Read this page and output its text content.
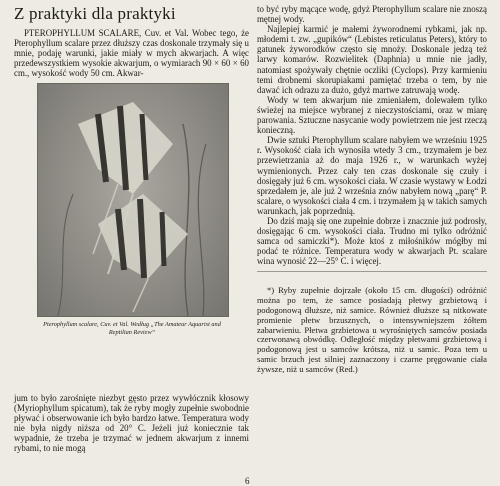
Z praktyki dla praktyki

PTEROPHYLLUM SCALARE, Cuv. et Val. Wobec tego, że Pterophyllum scalare przez dłuższy czas doskonale trzymały się u mnie, podaję warunki, jakie miały w mych akwarjach. A więc przedewszystkiem wysokie akwarjum, o wymiarach 90 × 60 × 60 cm., wysokość wody 50 cm. Akwar-

Pterophyllum scalare, Cuv. et Val. Według „The Amateur Aquarist and Reptilian Review“

jum to było zarośnięte niezbyt gęsto przez wywłócznik kłosowy (Myriophyllum spicatum), tak że ryby mogły zupełnie swobodnie pływać i obserwowanie ich było bardzo łatwe. Temperatura wody nie była nigdy niższa od 20° C. Jeżeli już koniecznie tak wypadnie, że trzeba je trzymać w jednem akwarjum z innemi rybami, to nie mogą

to być ryby mącące wodę, gdyż Pterophyllum scalare nie znoszą mętnej wody.

Najlepiej karmić je małemi żyworodnemi rybkami, jak np. młodemi t. zw. „gupików“ (Lebistes reticulatus Peters), który to gatunek żyworodków często się mnoży. Doskonale jedzą też larwy komarów. Rozwielitek (Daphnia) u mnie nie jadły, natomiast spożywały chętnie oczliki (Cyclops). Przy karmieniu temi drobnemi skorupiakami pamiętać trzeba o tem, by nie dawać ich odrazu za dużo, gdyż martwe zatruwają wodę.

Wody w tem akwarjum nie zmieniałem, dolewałem tylko świeżej na miejsce wybranej z nieczystościami, oraz w miarę parowania. Sztuczne nasycanie wody powietrzem nie jest rzeczą konieczną.

Dwie sztuki Pterophyllum scalare nabyłem we wrześniu 1925 r. Wysokość ciała ich wynosiła wtedy 3 cm., trzymałem je bez przewietrzania aż do maja 1926 r., w warunkach wyżej wymienionych. Przez cały ten czas doskonale się czuły i dosięgały już 6 cm. wysokości ciała. W czasie wystawy w Łodzi sprzedałem je, ale już 2 września znów nabyłem nową „parę“ P. scalare, o wysokości ciała 4 cm. i trzymałem ją w takich samych warunkach, jak poprzednią.

Do dziś mają się one zupełnie dobrze i znacznie już podrosły, dosięgając 6 cm. wysokości ciała. Trudno mi tylko odróżnić samca od samiczki*). Może ktoś z miłośników mógłby mi podać te różnice. Temperatura wody w akwarjach Pt. scalare wina wynosić 22—25° C. i więcej.

*) Ryby zupełnie dojrzałe (około 15 cm. długości) odróżnić można po tem, że samce posiadają płetwy grzbietową i podogonową dłuższe, niż samice. Również dłuższe są nitkowate promienie płetw brzusznych, o intensywniejszem żółtem zabarwieniu. Płetwa grzbietowa u wyrośniętych samców posiada czerwonawą obwódkę. Odległość między płetwami grzbietową i podogonową jest u samców krótsza, niż u samic. Poza tem u samic brzuch jest silniej zaznaczony i czarne pręgowanie ciała żywsze, niż u samców (Red.)

6
